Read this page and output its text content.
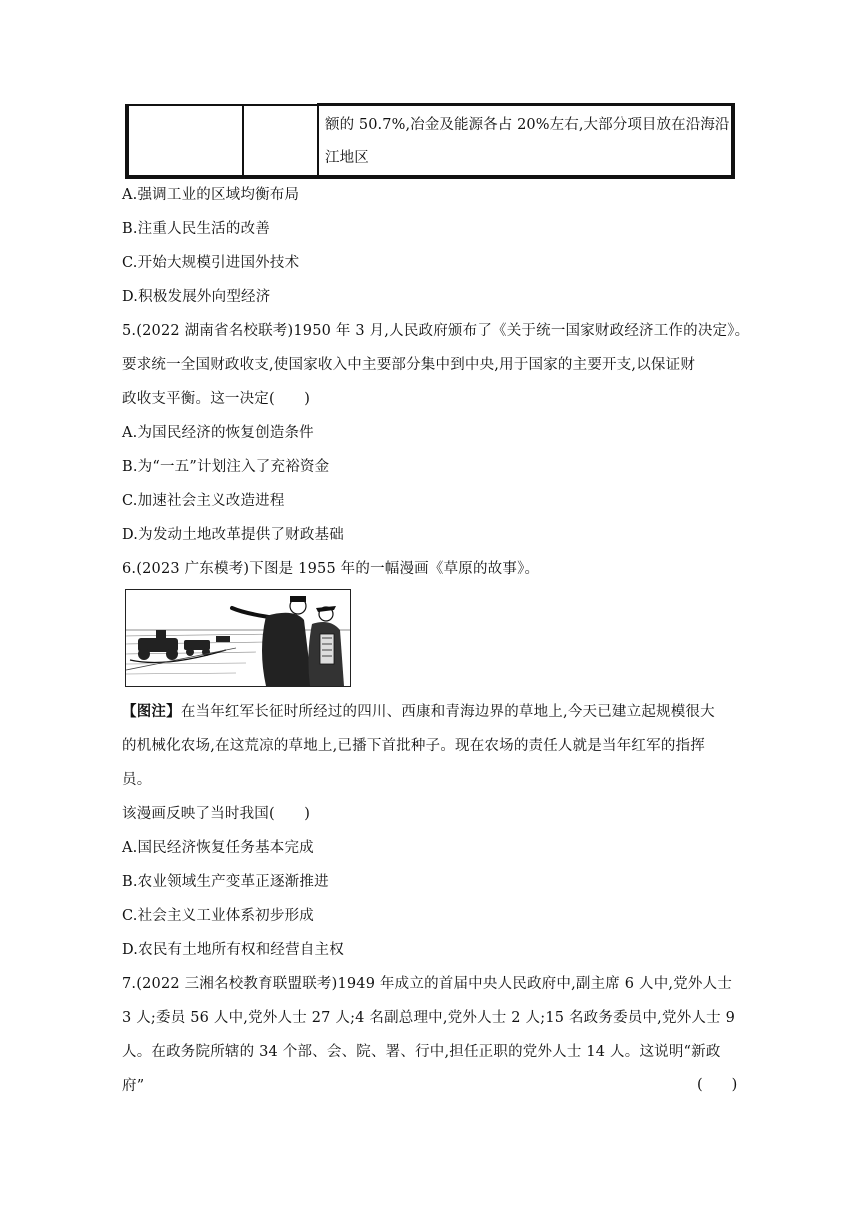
额的 50.7%,冶金及能源各占 20%左右,大部分项目放在沿海沿
江地区
A.强调工业的区域均衡布局
B.注重人民生活的改善
C.开始大规模引进国外技术
D.积极发展外向型经济
5.(2022 湖南省名校联考)1950 年 3 月,人民政府颁布了《关于统一国家财政经济工作的决定》。
要求统一全国财政收支,使国家收入中主要部分集中到中央,用于国家的主要开支,以保证财
政收支平衡。这一决定(　　)
A.为国民经济的恢复创造条件
B.为“一五”计划注入了充裕资金
C.加速社会主义改造进程
D.为发动土地改革提供了财政基础
6.(2023 广东模考)下图是 1955 年的一幅漫画《草原的故事》。
【图注】在当年红军长征时所经过的四川、西康和青海边界的草地上,今天已建立起规模很大
的机械化农场,在这荒凉的草地上,已播下首批种子。现在农场的责任人就是当年红军的指挥
员。
该漫画反映了当时我国(　　)
A.国民经济恢复任务基本完成
B.农业领域生产变革正逐渐推进
C.社会主义工业体系初步形成
D.农民有土地所有权和经营自主权
7.(2022 三湘名校教育联盟联考)1949 年成立的首届中央人民政府中,副主席 6 人中,党外人士
3 人;委员 56 人中,党外人士 27 人;4 名副总理中,党外人士 2 人;15 名政务委员中,党外人士 9
人。在政务院所辖的 34 个部、会、院、署、行中,担任正职的党外人士 14 人。这说明“新政
府”	(　　)
